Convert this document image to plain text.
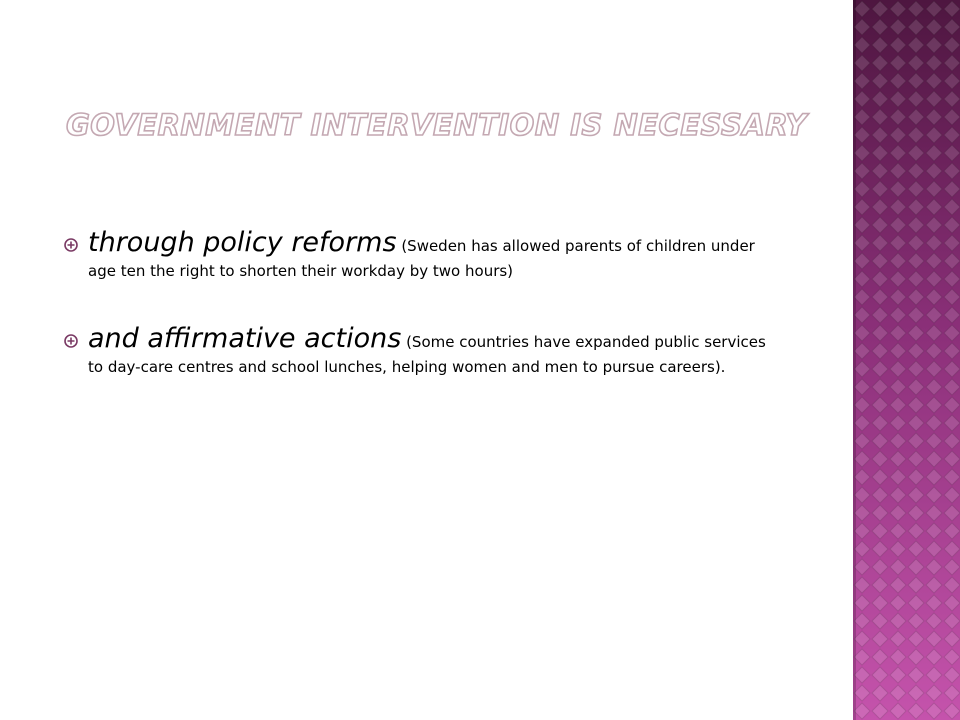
GOVERNMENT INTERVENTION IS NECESSARY
through policy reforms (Sweden has allowed parents of children under age ten the right to shorten their workday by two hours)
and affirmative actions (Some countries have expanded public services to day-care centres and school lunches, helping women and men to pursue careers).
